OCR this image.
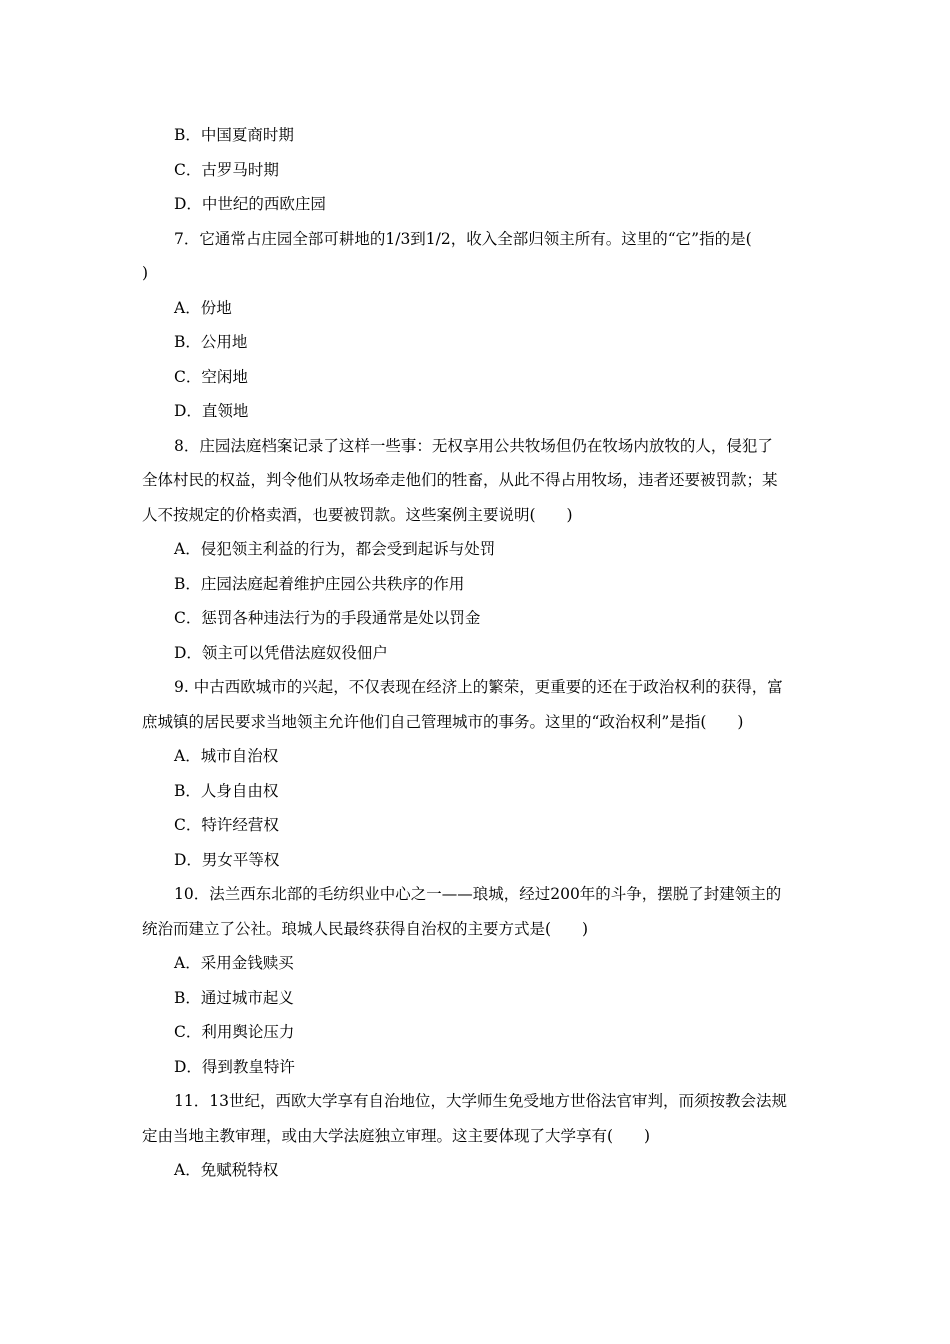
B．中国夏商时期
C．古罗马时期
D．中世纪的西欧庄园
7．它通常占庄园全部可耕地的1/3到1/2，收入全部归领主所有。这里的“它”指的是(
)
A．份地
B．公用地
C．空闲地
D．直领地
8．庄园法庭档案记录了这样一些事：无权享用公共牧场但仍在牧场内放牧的人，侵犯了
全体村民的权益，判令他们从牧场牵走他们的牲畜，从此不得占用牧场，违者还要被罚款；某
人不按规定的价格卖酒，也要被罚款。这些案例主要说明(　　)
A．侵犯领主利益的行为，都会受到起诉与处罚
B．庄园法庭起着维护庄园公共秩序的作用
C．惩罚各种违法行为的手段通常是处以罚金
D．领主可以凭借法庭奴役佃户
9. 中古西欧城市的兴起，不仅表现在经济上的繁荣，更重要的还在于政治权利的获得，富
庶城镇的居民要求当地领主允许他们自己管理城市的事务。这里的“政治权利”是指(　　)
A．城市自治权
B．人身自由权
C．特许经营权
D．男女平等权
10．法兰西东北部的毛纺织业中心之一——琅城，经过200年的斗争，摆脱了封建领主的
统治而建立了公社。琅城人民最终获得自治权的主要方式是(　　)
A．采用金钱赎买
B．通过城市起义
C．利用舆论压力
D．得到教皇特许
11．13世纪，西欧大学享有自治地位，大学师生免受地方世俗法官审判，而须按教会法规
定由当地主教审理，或由大学法庭独立审理。这主要体现了大学享有(　　)
A．免赋税特权
